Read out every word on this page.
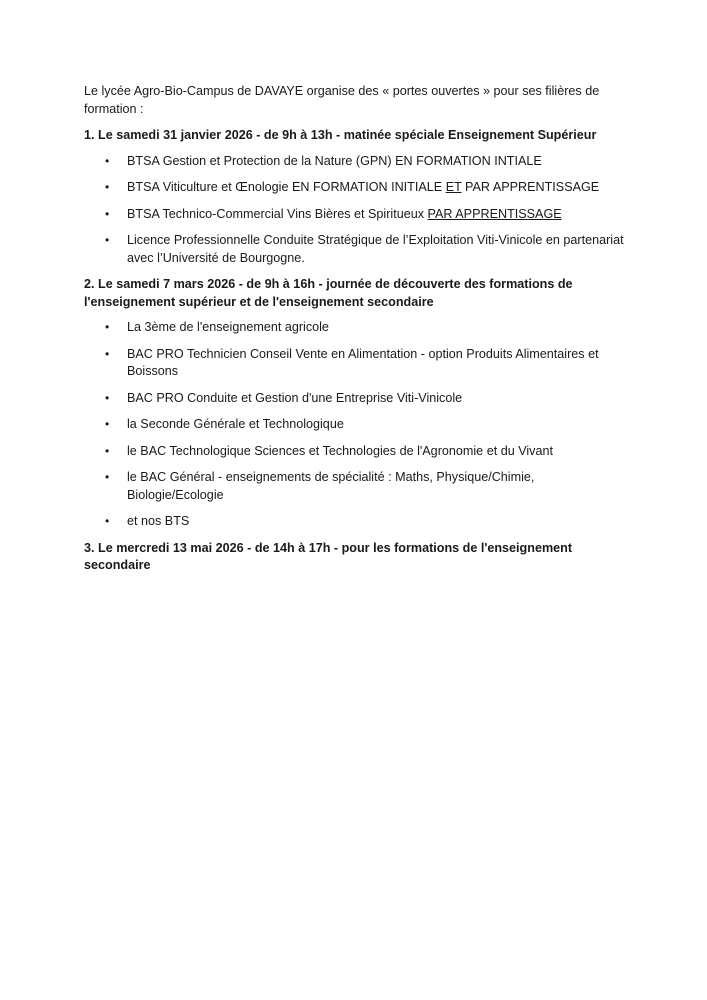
Le lycée Agro-Bio-Campus de DAVAYE organise des « portes ouvertes » pour ses filières de formation :

1. Le samedi 31 janvier 2026 - de 9h à 13h - matinée spéciale Enseignement Supérieur

• BTSA Gestion et Protection de la Nature (GPN) EN FORMATION INTIALE
• BTSA Viticulture et Œnologie EN FORMATION INITIALE ET PAR APPRENTISSAGE
• BTSA Technico-Commercial Vins Bières et Spiritueux PAR APPRENTISSAGE
• Licence Professionnelle Conduite Stratégique de l’Exploitation Viti-Vinicole en partenariat avec l’Université de Bourgogne.

2. Le samedi 7 mars 2026 - de 9h à 16h - journée de découverte des formations de l'enseignement supérieur et de l'enseignement secondaire

• La 3ème de l'enseignement agricole
• BAC PRO Technicien Conseil Vente en Alimentation - option Produits Alimentaires et Boissons
• BAC PRO Conduite et Gestion d'une Entreprise Viti-Vinicole
• la Seconde Générale et Technologique
• le BAC Technologique Sciences et Technologies de l'Agronomie et du Vivant
• le BAC Général - enseignements de spécialité : Maths, Physique/Chimie, Biologie/Ecologie
• et nos BTS

3. Le mercredi 13 mai 2026 - de 14h à 17h - pour les formations de l'enseignement secondaire
